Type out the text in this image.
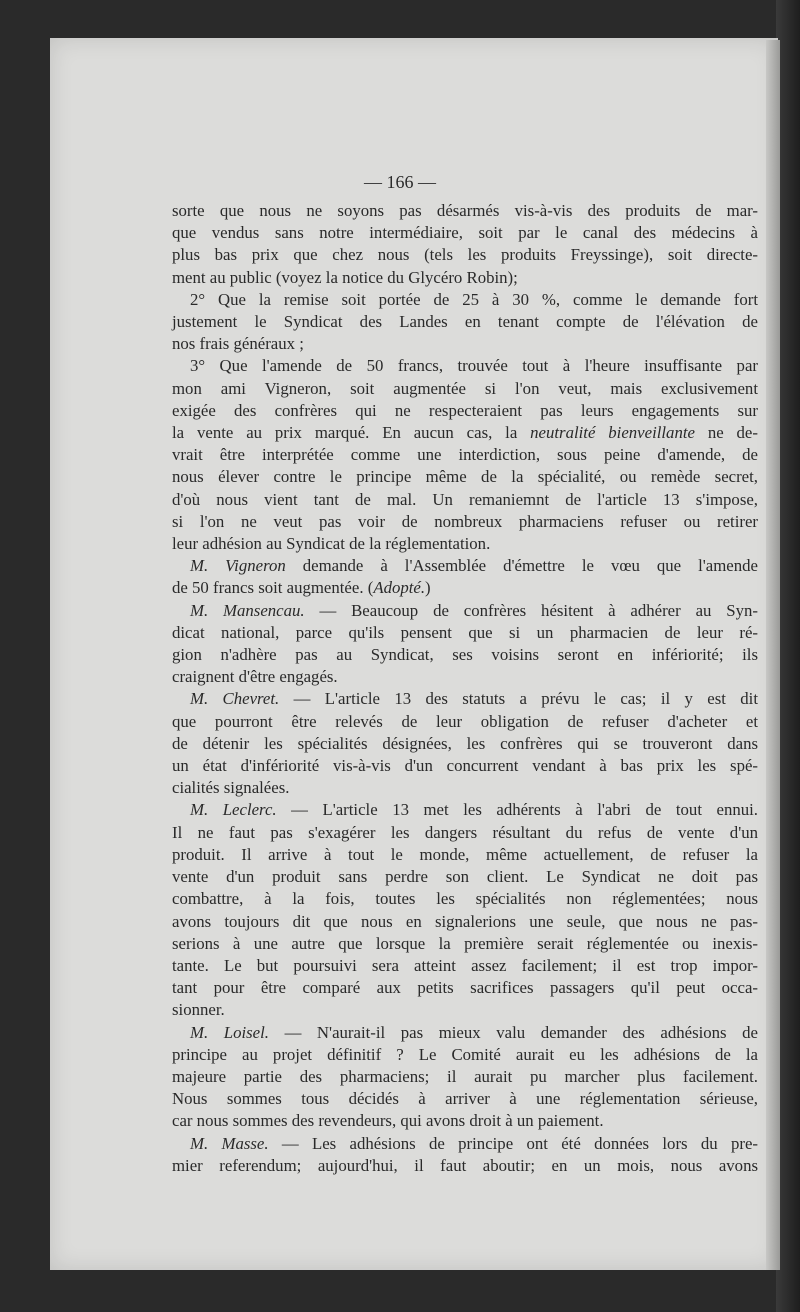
— 166 —
sorte que nous ne soyons pas désarmés vis-à-vis des produits de mar-
que vendus sans notre intermédiaire, soit par le canal des médecins à
plus bas prix que chez nous (tels les produits Freyssinge), soit directe-
ment au public (voyez la notice du Glycéro Robin);
2° Que la remise soit portée de 25 à 30 %, comme le demande fort
justement le Syndicat des Landes en tenant compte de l'élévation de
nos frais généraux ;
3° Que l'amende de 50 francs, trouvée tout à l'heure insuffisante par
mon ami Vigneron, soit augmentée si l'on veut, mais exclusivement
exigée des confrères qui ne respecteraient pas leurs engagements sur
la vente au prix marqué. En aucun cas, la neutralité bienveillante ne de-
vrait être interprétée comme une interdiction, sous peine d'amende, de
nous élever contre le principe même de la spécialité, ou remède secret,
d'où nous vient tant de mal. Un remaniemnt de l'article 13 s'impose,
si l'on ne veut pas voir de nombreux pharmaciens refuser ou retirer
leur adhésion au Syndicat de la réglementation.
M. Vigneron demande à l'Assemblée d'émettre le vœu que l'amende
de 50 francs soit augmentée. (Adopté.)
M. Mansencau. — Beaucoup de confrères hésitent à adhérer au Syn-
dicat national, parce qu'ils pensent que si un pharmacien de leur ré-
gion n'adhère pas au Syndicat, ses voisins seront en infériorité; ils
craignent d'être engagés.
M. Chevret. — L'article 13 des statuts a prévu le cas; il y est dit
que pourront être relevés de leur obligation de refuser d'acheter et
de détenir les spécialités désignées, les confrères qui se trouveront dans
un état d'infériorité vis-à-vis d'un concurrent vendant à bas prix les spé-
cialités signalées.
M. Leclerc. — L'article 13 met les adhérents à l'abri de tout ennui.
Il ne faut pas s'exagérer les dangers résultant du refus de vente d'un
produit. Il arrive à tout le monde, même actuellement, de refuser la
vente d'un produit sans perdre son client. Le Syndicat ne doit pas
combattre, à la fois, toutes les spécialités non réglementées; nous
avons toujours dit que nous en signalerions une seule, que nous ne pas-
serions à une autre que lorsque la première serait réglementée ou inexis-
tante. Le but poursuivi sera atteint assez facilement; il est trop impor-
tant pour être comparé aux petits sacrifices passagers qu'il peut occa-
sionner.
M. Loisel. — N'aurait-il pas mieux valu demander des adhésions de
principe au projet définitif ? Le Comité aurait eu les adhésions de la
majeure partie des pharmaciens; il aurait pu marcher plus facilement.
Nous sommes tous décidés à arriver à une réglementation sérieuse,
car nous sommes des revendeurs, qui avons droit à un paiement.
M. Masse. — Les adhésions de principe ont été données lors du pre-
mier referendum; aujourd'hui, il faut aboutir; en un mois, nous avons
